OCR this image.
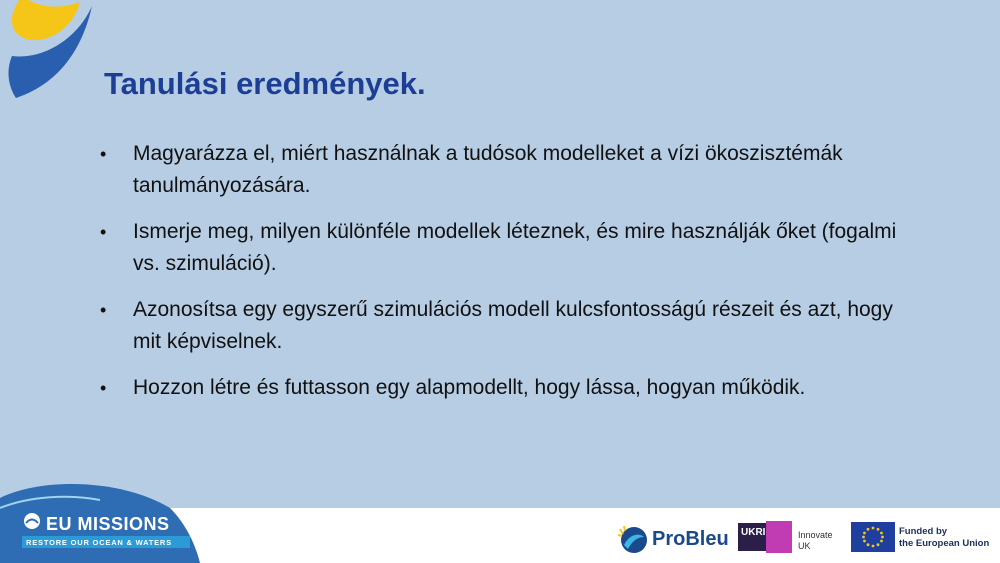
Tanulási eredmények.
• Magyarázza el, miért használnak a tudósok modelleket a vízi ökoszisztémák tanulmányozására.
• Ismerje meg, milyen különféle modellek léteznek, és mire használják őket (fogalmi vs. szimuláció).
• Azonosítsa egy egyszerű szimulációs modell kulcsfontosságú részeit és azt, hogy mit képviselnek.
• Hozzon létre és futtasson egy alapmodellt, hogy lássa, hogyan működik.
EU MISSIONS
RESTORE OUR OCEAN & WATERS	ProBleu UKRI	Innovate
UK
Funded by
the European Union
